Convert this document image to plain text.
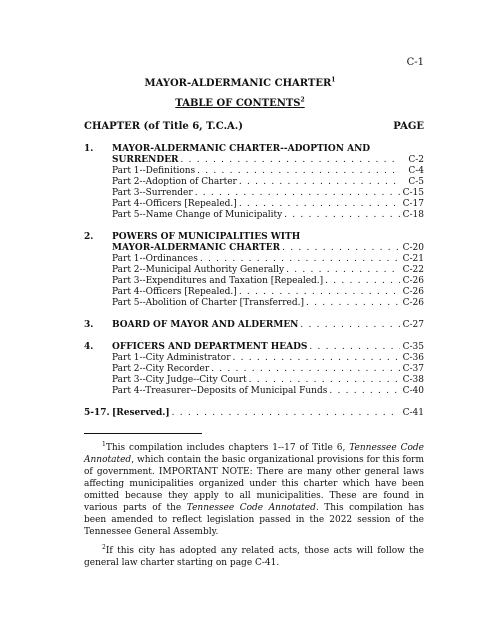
C-1
MAYOR-ALDERMANIC CHARTER$^1$
TABLE OF CONTENTS$^2$
CHAPTER (of Title 6, T.C.A.)	PAGE
1.	MAYOR-ALDERMANIC CHARTER--ADOPTION AND
SURRENDER . . .	C-2
Part 1--Definitions . . .	C-4
Part 2--Adoption of Charter . . .	C-5
Part 3--Surrender . . .	C-15
Part 4--Officers [Repealed.] . . .	C-17
Part 5--Name Change of Municipality . . .	C-18
2.	POWERS OF MUNICIPALITIES WITH
MAYOR-ALDERMANIC CHARTER . . .	C-20
Part 1--Ordinances . . .	C-21
Part 2--Municipal Authority Generally . . .	C-22
Part 3--Expenditures and Taxation [Repealed.] . . .	C-26
Part 4--Officers [Repealed.] . . .	C-26
Part 5--Abolition of Charter [Transferred.] . . .	C-26
3.	BOARD OF MAYOR AND ALDERMEN . . .	C-27
4.	OFFICERS AND DEPARTMENT HEADS . . .	C-35
Part 1--City Administrator . . .	C-36
Part 2--City Recorder . . .	C-37
Part 3--City Judge--City Court . . .	C-38
Part 4--Treasurer--Deposits of Municipal Funds . . .	C-40
5-17. [Reserved.] . . .	C-41

$^1$This compilation includes chapters 1--17 of Title 6, Tennessee Code Annotated, which contain the basic organizational provisions for this form of government. IMPORTANT NOTE: There are many other general laws affecting municipalities organized under this charter which have been omitted because they apply to all municipalities. These are found in various parts of the Tennessee Code Annotated. This compilation has been amended to reflect legislation passed in the 2022 session of the Tennessee General Assembly.

$^2$If this city has adopted any related acts, those acts will follow the general law charter starting on page C-41.
